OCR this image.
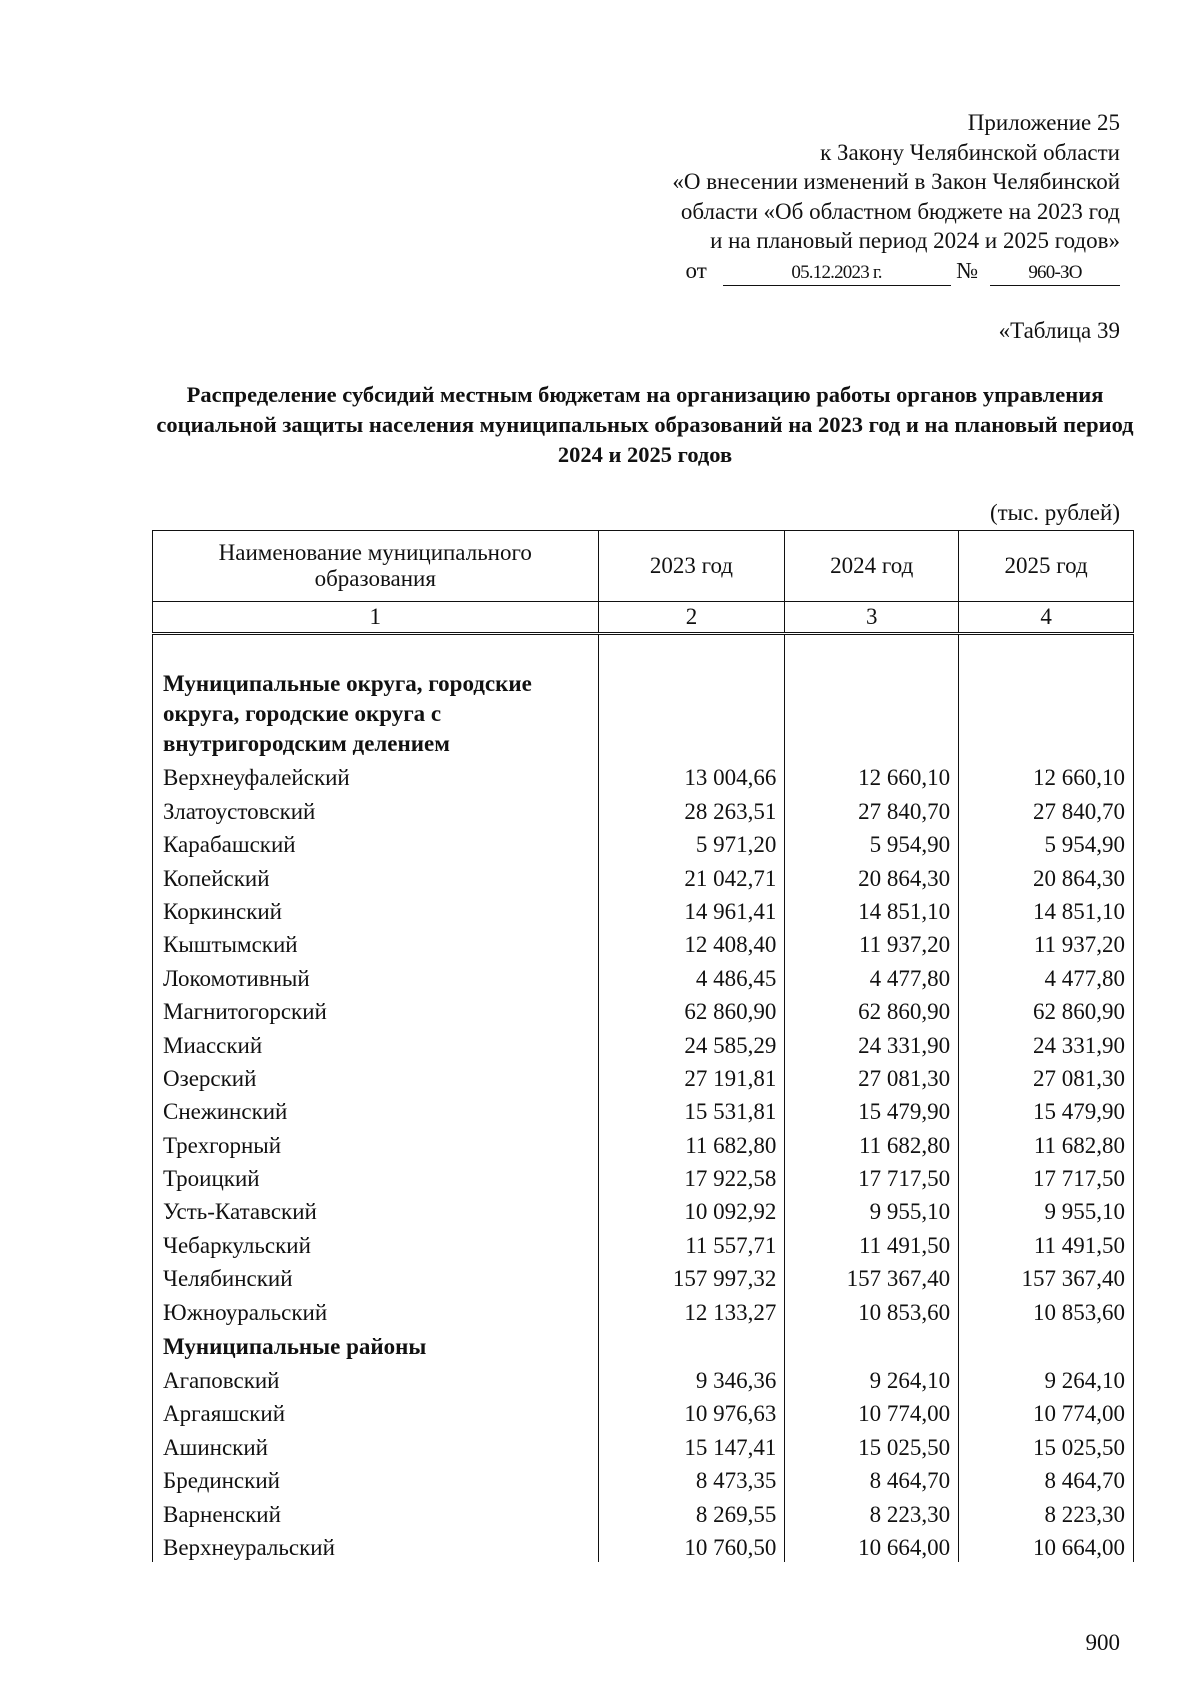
Приложение 25
к Закону Челябинской области
«О внесении изменений в Закон Челябинской
области «Об областном бюджете на 2023 год
и на плановый период 2024 и 2025 годов»
от	05.12.2023 г.	№	960-ЗО
«Таблица 39
Распределение субсидий местным бюджетам на организацию работы органов управления социальной защиты населения муниципальных образований на 2023 год и на плановый период 2024 и 2025 годов
(тыс. рублей)
Наименование муниципального образования	2023 год	2024 год	2025 год
1	2	3	4
Муниципальные округа, городские округа, городские округа с внутригородским делением			
Верхнеуфалейский	13 004,66	12 660,10	12 660,10
Златоустовский	28 263,51	27 840,70	27 840,70
Карабашский	5 971,20	5 954,90	5 954,90
Копейский	21 042,71	20 864,30	20 864,30
Коркинский	14 961,41	14 851,10	14 851,10
Кыштымский	12 408,40	11 937,20	11 937,20
Локомотивный	4 486,45	4 477,80	4 477,80
Магнитогорский	62 860,90	62 860,90	62 860,90
Миасский	24 585,29	24 331,90	24 331,90
Озерский	27 191,81	27 081,30	27 081,30
Снежинский	15 531,81	15 479,90	15 479,90
Трехгорный	11 682,80	11 682,80	11 682,80
Троицкий	17 922,58	17 717,50	17 717,50
Усть-Катавский	10 092,92	9 955,10	9 955,10
Чебаркульский	11 557,71	11 491,50	11 491,50
Челябинский	157 997,32	157 367,40	157 367,40
Южноуральский	12 133,27	10 853,60	10 853,60
Муниципальные районы			
Агаповский	9 346,36	9 264,10	9 264,10
Аргаяшский	10 976,63	10 774,00	10 774,00
Ашинский	15 147,41	15 025,50	15 025,50
Брединский	8 473,35	8 464,70	8 464,70
Варненский	8 269,55	8 223,30	8 223,30
Верхнеуральский	10 760,50	10 664,00	10 664,00
900
